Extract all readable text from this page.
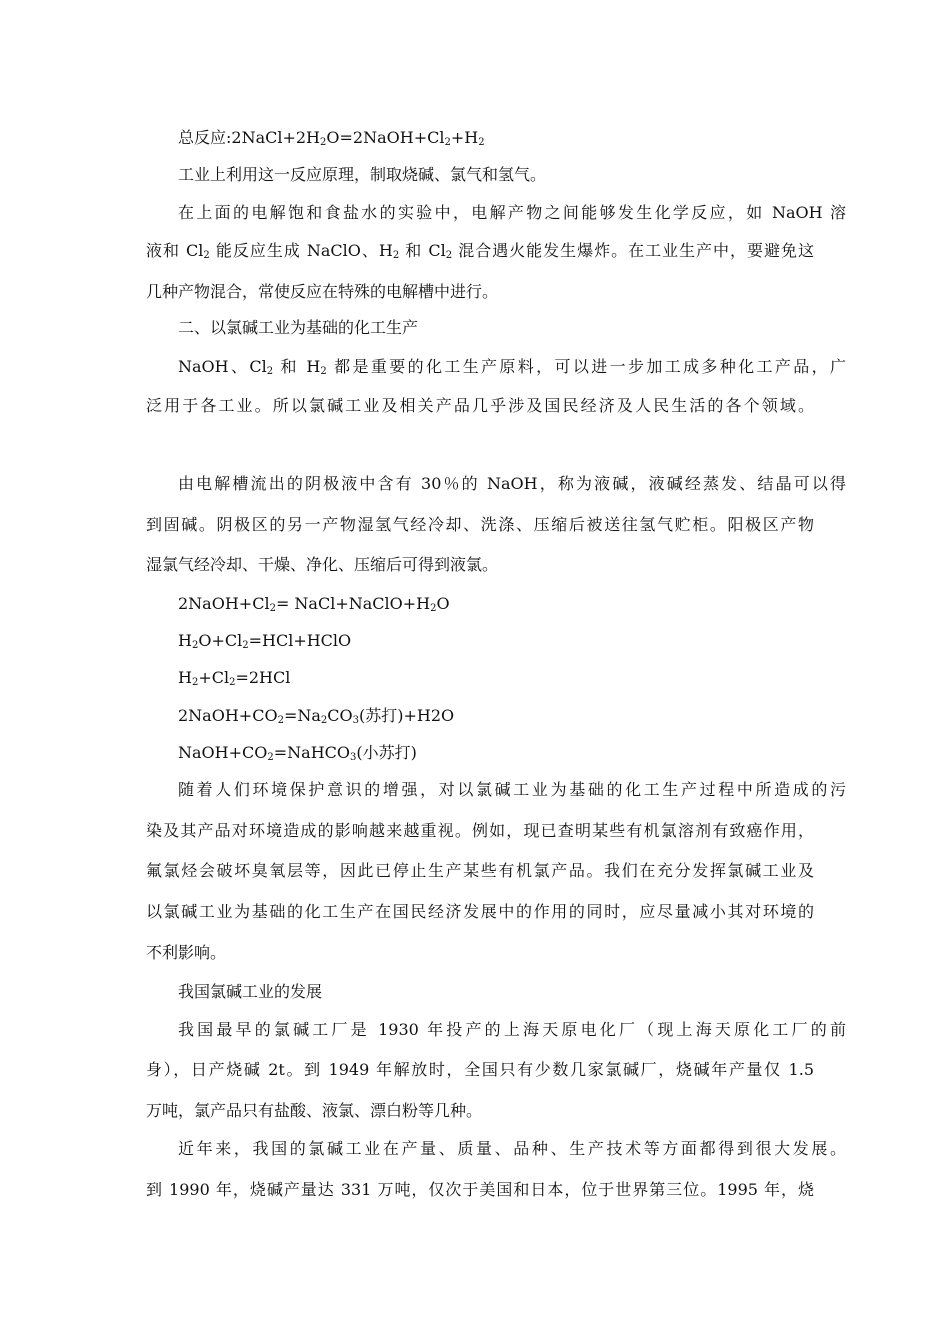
总反应$:2NaCl+2H_2O=2NaOH+Cl_2+H_2$
工业上利用这一反应原理，制取烧碱、氯气和氢气。
在上面的电解饱和食盐水的实验中，电解产物之间能够发生化学反应，如 NaOH 溶
液和 $Cl_2$ 能反应生成 NaClO、$H_2$ 和 $Cl_2$ 混合遇火能发生爆炸。在工业生产中，要避免这
几种产物混合，常使反应在特殊的电解槽中进行。
二、以氯碱工业为基础的化工生产
NaOH、$Cl_2$ 和 $H_2$ 都是重要的化工生产原料，可以进一步加工成多种化工产品，广
泛用于各工业。所以氯碱工业及相关产品几乎涉及国民经济及人民生活的各个领域。
由电解槽流出的阴极液中含有 30％的 NaOH，称为液碱，液碱经蒸发、结晶可以得
到固碱。阴极区的另一产物湿氢气经冷却、洗涤、压缩后被送往氢气贮柜。阳极区产物
湿氯气经冷却、干燥、净化、压缩后可得到液氯。
$2NaOH+Cl_2=$ $NaCl+NaClO+H_2O$
$H_2O+Cl_2=HCl+HClO$
$H_2+Cl_2=2HCl$
$2NaOH+CO_2=Na_2CO_3$(苏打)+H2O
$NaOH+CO_2=NaHCO_3$(小苏打)
随着人们环境保护意识的增强，对以氯碱工业为基础的化工生产过程中所造成的污
染及其产品对环境造成的影响越来越重视。例如，现已查明某些有机氯溶剂有致癌作用，
氟氯烃会破坏臭氧层等，因此已停止生产某些有机氯产品。我们在充分发挥氯碱工业及
以氯碱工业为基础的化工生产在国民经济发展中的作用的同时，应尽量减小其对环境的
不利影响。
我国氯碱工业的发展
我国最早的氯碱工厂是 1930 年投产的上海天原电化厂（现上海天原化工厂的前
身），日产烧碱 2t。到 1949 年解放时，全国只有少数几家氯碱厂，烧碱年产量仅 1.5
万吨，氯产品只有盐酸、液氯、漂白粉等几种。
近年来，我国的氯碱工业在产量、质量、品种、生产技术等方面都得到很大发展。
到 1990 年，烧碱产量达 331 万吨，仅次于美国和日本，位于世界第三位。1995 年，烧
